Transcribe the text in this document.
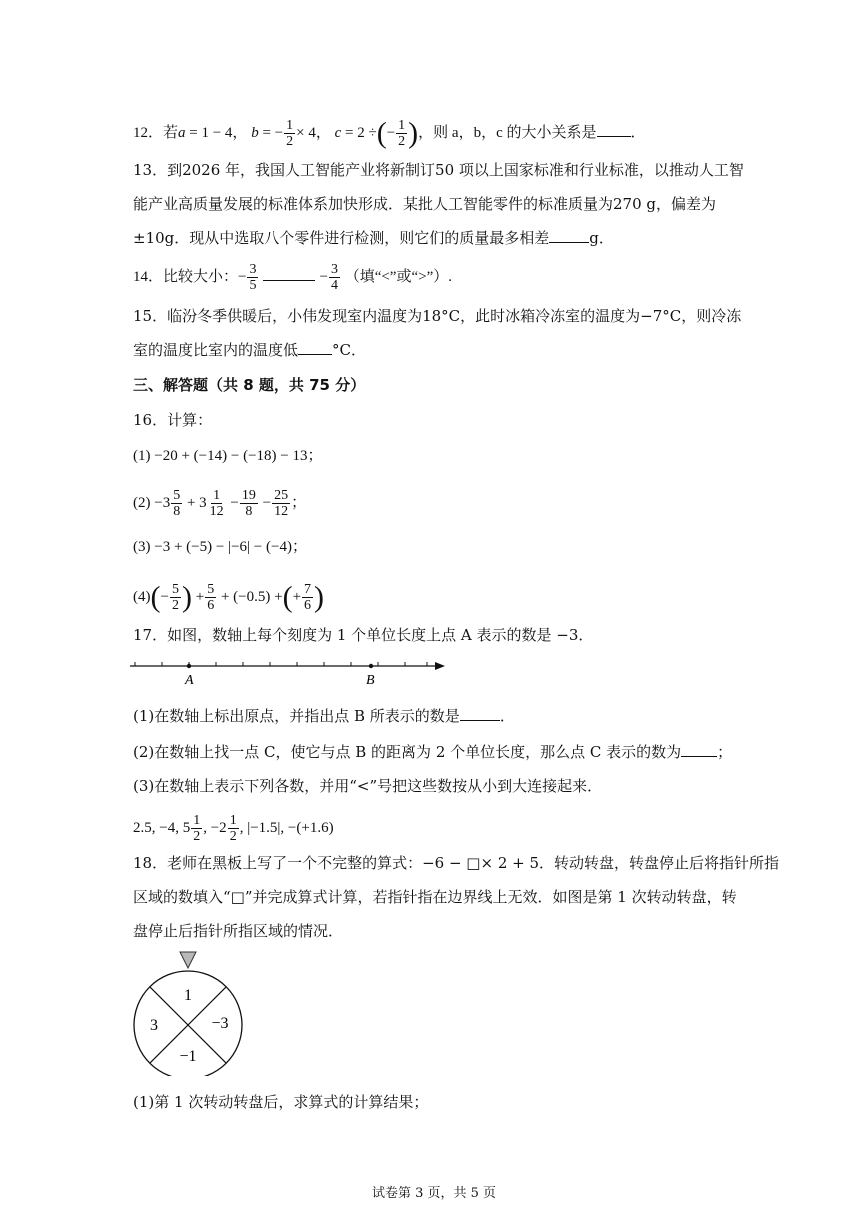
12．若a = 1 − 4， b = − $\frac{1}{2} \times 4$， c = 2 ÷(− $\frac{1}{2}$ )，则 a，b，c 的大小关系是 ．
13．到2026 年，我国人工智能产业将新制订50 项以上国家标准和行业标准，以推动人工智
能产业高质量发展的标准体系加快形成．某批人工智能零件的标准质量为270 g，偏差为
±10g．现从中选取八个零件进行检测，则它们的质量最多相差	g．
14．比较大小：− $\frac{3}{5}$	− $\frac{3}{4}$ （填“<”或“>”）.
15．临汾冬季供暖后，小伟发现室内温度为18°C，此时冰箱冷冻室的温度为−7°C，则冷冻
室的温度比室内的温度低 °C．
三、解答题（共 8 题，共 75 分）
16．计算：
(1) −20 + (−14) − (−18) − 13；
$(2) -3 \frac{5}{8} + 3 \frac{1}{12} - \frac{19}{8} - \frac{25}{12}$ ；
(3) −3 + (−5) − |−6| − (−4)；
$(4)(- \frac{5}{2}$ ) + $\frac{5}{6} + (-0.5)$ +(+ $\frac{7}{6}$ )
17．如图，数轴上每个刻度为 1 个单位长度上点 A 表示的数是 −3．
A	B
(1)在数轴上标出原点，并指出点 B 所表示的数是	．
(2)在数轴上找一点 C，使它与点 B 的距离为 2 个单位长度，那么点 C 表示的数为 ；
(3)在数轴上表示下列各数，并用“<”号把这些数按从小到大连接起来．
2.5, −4, $5 \frac{1}{2}$ , $-2 \frac{1}{2}$ , |−1.5|, −(+1.6)
18．老师在黑板上写了一个不完整的算式：−6 − □× 2 + 5．转动转盘，转盘停止后将指针所指
区域的数填入“□”并完成算式计算，若指针指在边界线上无效．如图是第 1 次转动转盘，转
盘停止后指针所指区域的情况．
1
3	−3
−1
(1)第 1 次转动转盘后，求算式的计算结果；
试卷第 3 页，共 5 页
